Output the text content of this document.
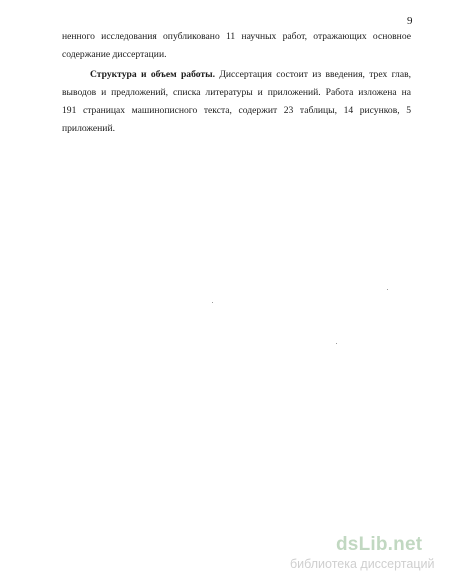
9
ненного исследования опубликовано 11 научных работ, отражающих основное
содержание диссертации.
Структура и объем работы. Диссертация состоит из введения, трех глав,
выводов и предложений, списка литературы и приложений. Работа изложена на
191 страницах машинописного текста, содержит 23 таблицы, 14 рисунков, 5
приложений.
dsLib.net
библиотека диссертаций
